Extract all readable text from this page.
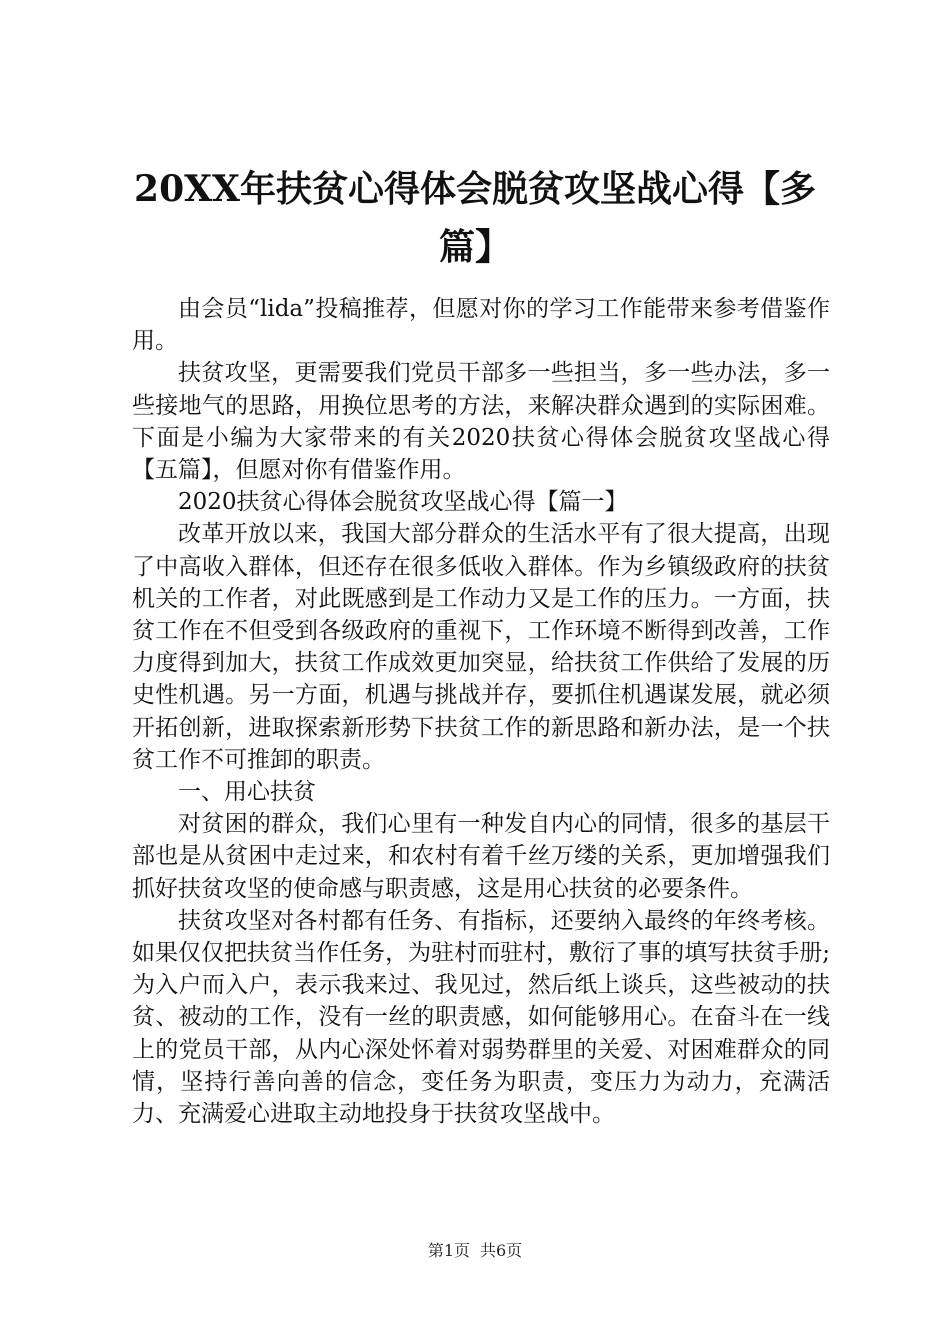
20XX年扶贫心得体会脱贫攻坚战心得【多篇】

由会员“lida”投稿推荐，但愿对你的学习工作能带来参考借鉴作用。

扶贫攻坚，更需要我们党员干部多一些担当，多一些办法，多一些接地气的思路，用换位思考的方法，来解决群众遇到的实际困难。下面是小编为大家带来的有关2020扶贫心得体会脱贫攻坚战心得【五篇】，但愿对你有借鉴作用。

2020扶贫心得体会脱贫攻坚战心得【篇一】

改革开放以来，我国大部分群众的生活水平有了很大提高，出现了中高收入群体，但还存在很多低收入群体。作为乡镇级政府的扶贫机关的工作者，对此既感到是工作动力又是工作的压力。一方面，扶贫工作在不但受到各级政府的重视下，工作环境不断得到改善，工作力度得到加大，扶贫工作成效更加突显，给扶贫工作供给了发展的历史性机遇。另一方面，机遇与挑战并存，要抓住机遇谋发展，就必须开拓创新，进取探索新形势下扶贫工作的新思路和新办法，是一个扶贫工作不可推卸的职责。

一、用心扶贫

对贫困的群众，我们心里有一种发自内心的同情，很多的基层干部也是从贫困中走过来，和农村有着千丝万缕的关系，更加增强我们抓好扶贫攻坚的使命感与职责感，这是用心扶贫的必要条件。

扶贫攻坚对各村都有任务、有指标，还要纳入最终的年终考核。如果仅仅把扶贫当作任务，为驻村而驻村，敷衍了事的填写扶贫手册;为入户而入户，表示我来过、我见过，然后纸上谈兵，这些被动的扶贫、被动的工作，没有一丝的职责感，如何能够用心。在奋斗在一线上的党员干部，从内心深处怀着对弱势群里的关爱、对困难群众的同情，坚持行善向善的信念，变任务为职责，变压力为动力，充满活力、充满爱心进取主动地投身于扶贫攻坚战中。

第1页 共6页
